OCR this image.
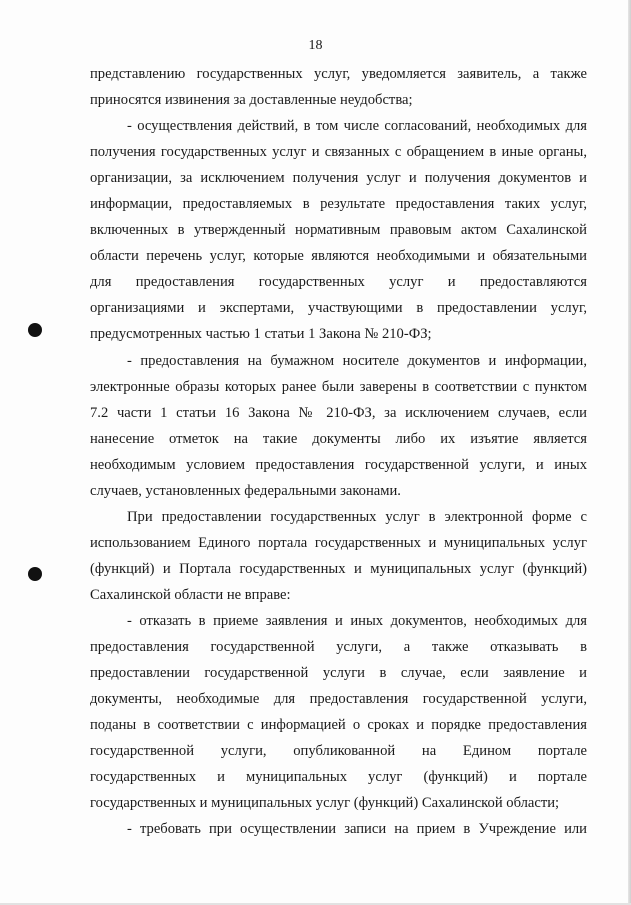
18
представлению государственных услуг, уведомляется заявитель, а также
приносятся извинения за доставленные неудобства;
- осуществления действий, в том числе согласований, необходимых для
получения государственных услуг и связанных с обращением в иные органы,
организации, за исключением получения услуг и получения документов и
информации, предоставляемых в результате предоставления таких услуг,
включенных в утвержденный нормативным правовым актом Сахалинской
области перечень услуг, которые являются необходимыми и обязательными
для предоставления государственных услуг и предоставляются
организациями и экспертами, участвующими в предоставлении услуг,
предусмотренных частью 1 статьи 1 Закона № 210-ФЗ;
- предоставления на бумажном носителе документов и информации,
электронные образы которых ранее были заверены в соответствии с пунктом
7.2 части 1 статьи 16 Закона № 210-ФЗ, за исключением случаев, если
нанесение отметок на такие документы либо их изъятие является
необходимым условием предоставления государственной услуги, и иных
случаев, установленных федеральными законами.
При предоставлении государственных услуг в электронной форме с
использованием Единого портала государственных и муниципальных услуг
(функций) и Портала государственных и муниципальных услуг (функций)
Сахалинской области не вправе:
- отказать в приеме заявления и иных документов, необходимых для
предоставления государственной услуги, а также отказывать в
предоставлении государственной услуги в случае, если заявление и
документы, необходимые для предоставления государственной услуги,
поданы в соответствии с информацией о сроках и порядке предоставления
государственной услуги, опубликованной на Едином портале
государственных и муниципальных услуг (функций) и портале
государственных и муниципальных услуг (функций) Сахалинской области;
- требовать при осуществлении записи на прием в Учреждение или
